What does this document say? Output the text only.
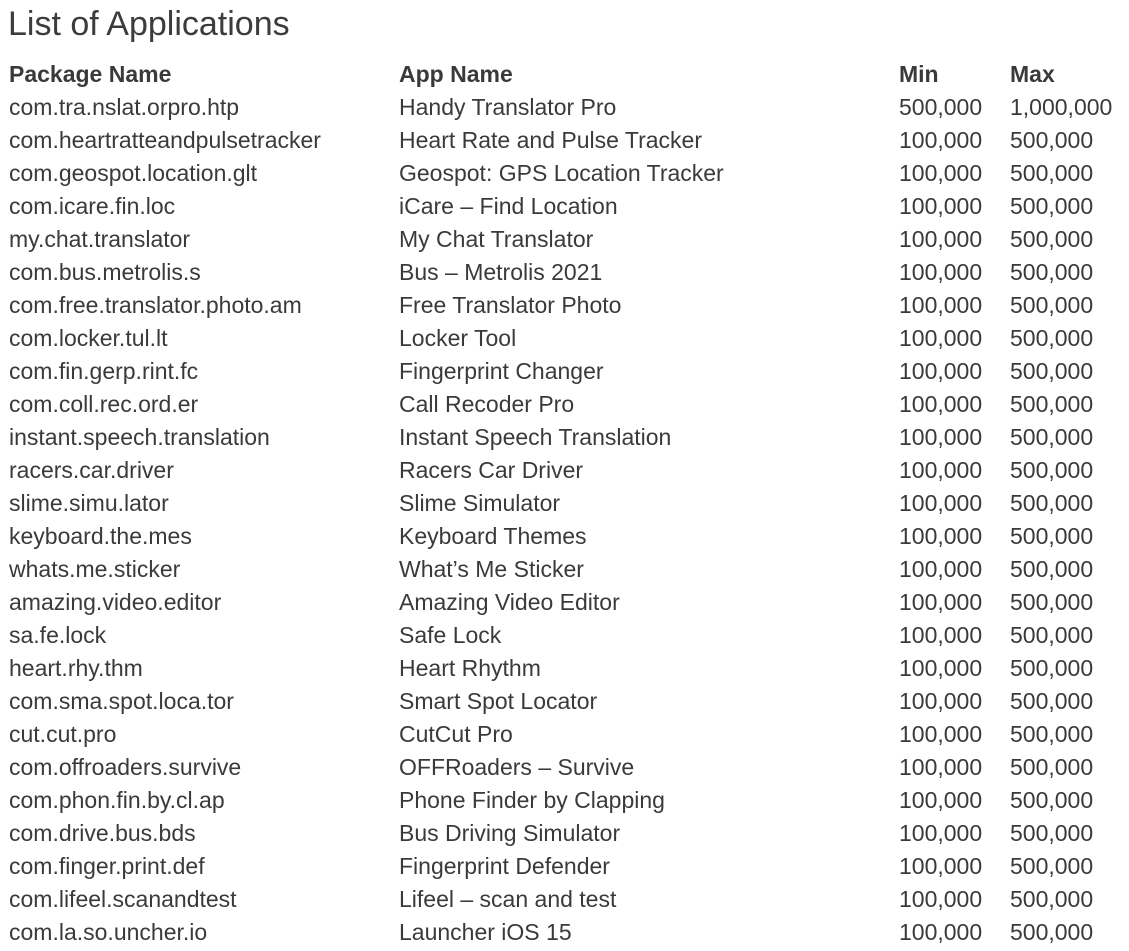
List of Applications
Package Name	App Name	Min	Max
com.tra.nslat.orpro.htp	Handy Translator Pro	500,000	1,000,000
com.heartratteandpulsetracker	Heart Rate and Pulse Tracker	100,000	500,000
com.geospot.location.glt	Geospot: GPS Location Tracker	100,000	500,000
com.icare.fin.loc	iCare – Find Location	100,000	500,000
my.chat.translator	My Chat Translator	100,000	500,000
com.bus.metrolis.s	Bus – Metrolis 2021	100,000	500,000
com.free.translator.photo.am	Free Translator Photo	100,000	500,000
com.locker.tul.lt	Locker Tool	100,000	500,000
com.fin.gerp.rint.fc	Fingerprint Changer	100,000	500,000
com.coll.rec.ord.er	Call Recoder Pro	100,000	500,000
instant.speech.translation	Instant Speech Translation	100,000	500,000
racers.car.driver	Racers Car Driver	100,000	500,000
slime.simu.lator	Slime Simulator	100,000	500,000
keyboard.the.mes	Keyboard Themes	100,000	500,000
whats.me.sticker	What’s Me Sticker	100,000	500,000
amazing.video.editor	Amazing Video Editor	100,000	500,000
sa.fe.lock	Safe Lock	100,000	500,000
heart.rhy.thm	Heart Rhythm	100,000	500,000
com.sma.spot.loca.tor	Smart Spot Locator	100,000	500,000
cut.cut.pro	CutCut Pro	100,000	500,000
com.offroaders.survive	OFFRoaders – Survive	100,000	500,000
com.phon.fin.by.cl.ap	Phone Finder by Clapping	100,000	500,000
com.drive.bus.bds	Bus Driving Simulator	100,000	500,000
com.finger.print.def	Fingerprint Defender	100,000	500,000
com.lifeel.scanandtest	Lifeel – scan and test	100,000	500,000
com.la.so.uncher.io	Launcher iOS 15	100,000	500,000
